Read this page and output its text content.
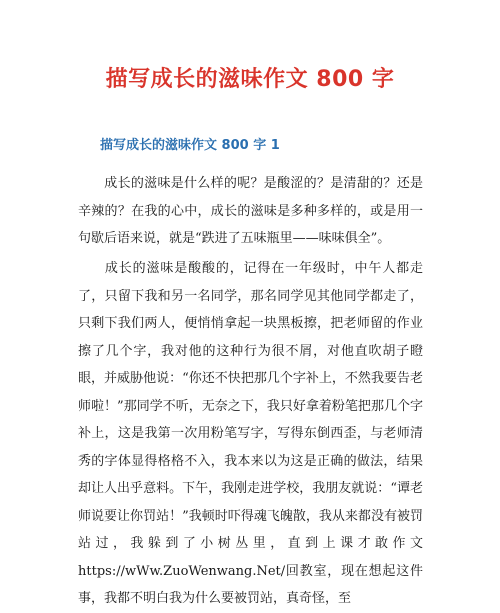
描写成长的滋味作文 800 字
描写成长的滋味作文 800 字 1

成长的滋味是什么样的呢？是酸涩的？是清甜的？还是辛辣的？在我的心中，成长的滋味是多种多样的，或是用一句歇后语来说，就是“跌进了五味瓶里——味味俱全”。

成长的滋味是酸酸的，记得在一年级时，中午人都走了，只留下我和另一名同学，那名同学见其他同学都走了，只剩下我们两人，便悄悄拿起一块黑板擦，把老师留的作业擦了几个字，我对他的这种行为很不屑，对他直吹胡子瞪眼，并威胁他说：“你还不快把那几个字补上，不然我要告老师啦！”那同学不听，无奈之下，我只好拿着粉笔把那几个字补上，这是我第一次用粉笔写字，写得东倒西歪，与老师清秀的字体显得格格不入，我本来以为这是正确的做法，结果却让人出乎意料。下午，我刚走进学校，我朋友就说：“谭老师说要让你罚站！”我顿时吓得魂飞魄散，我从来都没有被罚站过，我躲到了小树丛里，直到上课才敢作文 https://wWw.ZuoWenwang.Net/回教室，现在想起这件事，我都不明白我为什么要被罚站，真奇怪，至
